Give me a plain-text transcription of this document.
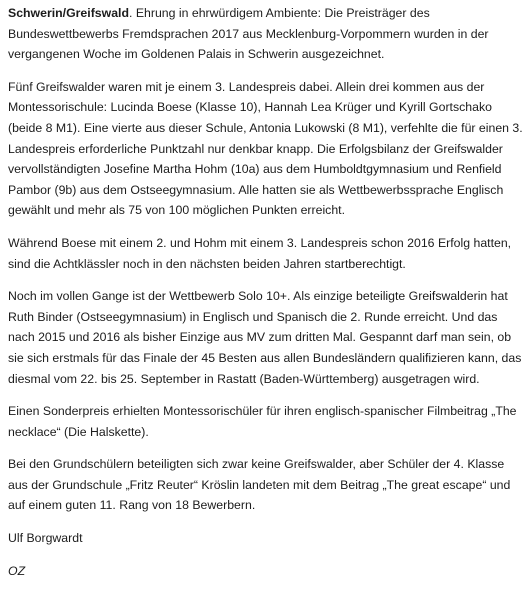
Schwerin/Greifswald. Ehrung in ehrwürdigem Ambiente: Die Preisträger des Bundeswettbewerbs Fremdsprachen 2017 aus Mecklenburg-Vorpommern wurden in der vergangenen Woche im Goldenen Palais in Schwerin ausgezeichnet.

Fünf Greifswalder waren mit je einem 3. Landespreis dabei. Allein drei kommen aus der Montessorischule: Lucinda Boese (Klasse 10), Hannah Lea Krüger und Kyrill Gortschako (beide 8 M1). Eine vierte aus dieser Schule, Antonia Lukowski (8 M1), verfehlte die für einen 3. Landespreis erforderliche Punktzahl nur denkbar knapp. Die Erfolgsbilanz der Greifswalder vervollständigten Josefine Martha Hohm (10a) aus dem Humboldtgymnasium und Renfield Pambor (9b) aus dem Ostseegymnasium. Alle hatten sie als Wettbewerbssprache Englisch gewählt und mehr als 75 von 100 möglichen Punkten erreicht.

Während Boese mit einem 2. und Hohm mit einem 3. Landespreis schon 2016 Erfolg hatten, sind die Achtklässler noch in den nächsten beiden Jahren startberechtigt.

Noch im vollen Gange ist der Wettbewerb Solo 10+. Als einzige beteiligte Greifswalderin hat Ruth Binder (Ostseegymnasium) in Englisch und Spanisch die 2. Runde erreicht. Und das nach 2015 und 2016 als bisher Einzige aus MV zum dritten Mal. Gespannt darf man sein, ob sie sich erstmals für das Finale der 45 Besten aus allen Bundesländern qualifizieren kann, das diesmal vom 22. bis 25. September in Rastatt (Baden-Württemberg) ausgetragen wird.

Einen Sonderpreis erhielten Montessorischüler für ihren englisch-spanischer Filmbeitrag „The necklace“ (Die Halskette).

Bei den Grundschülern beteiligten sich zwar keine Greifswalder, aber Schüler der 4. Klasse aus der Grundschule „Fritz Reuter“ Kröslin landeten mit dem Beitrag „The great escape“ und auf einem guten 11. Rang von 18 Bewerbern.

Ulf Borgwardt

OZ
